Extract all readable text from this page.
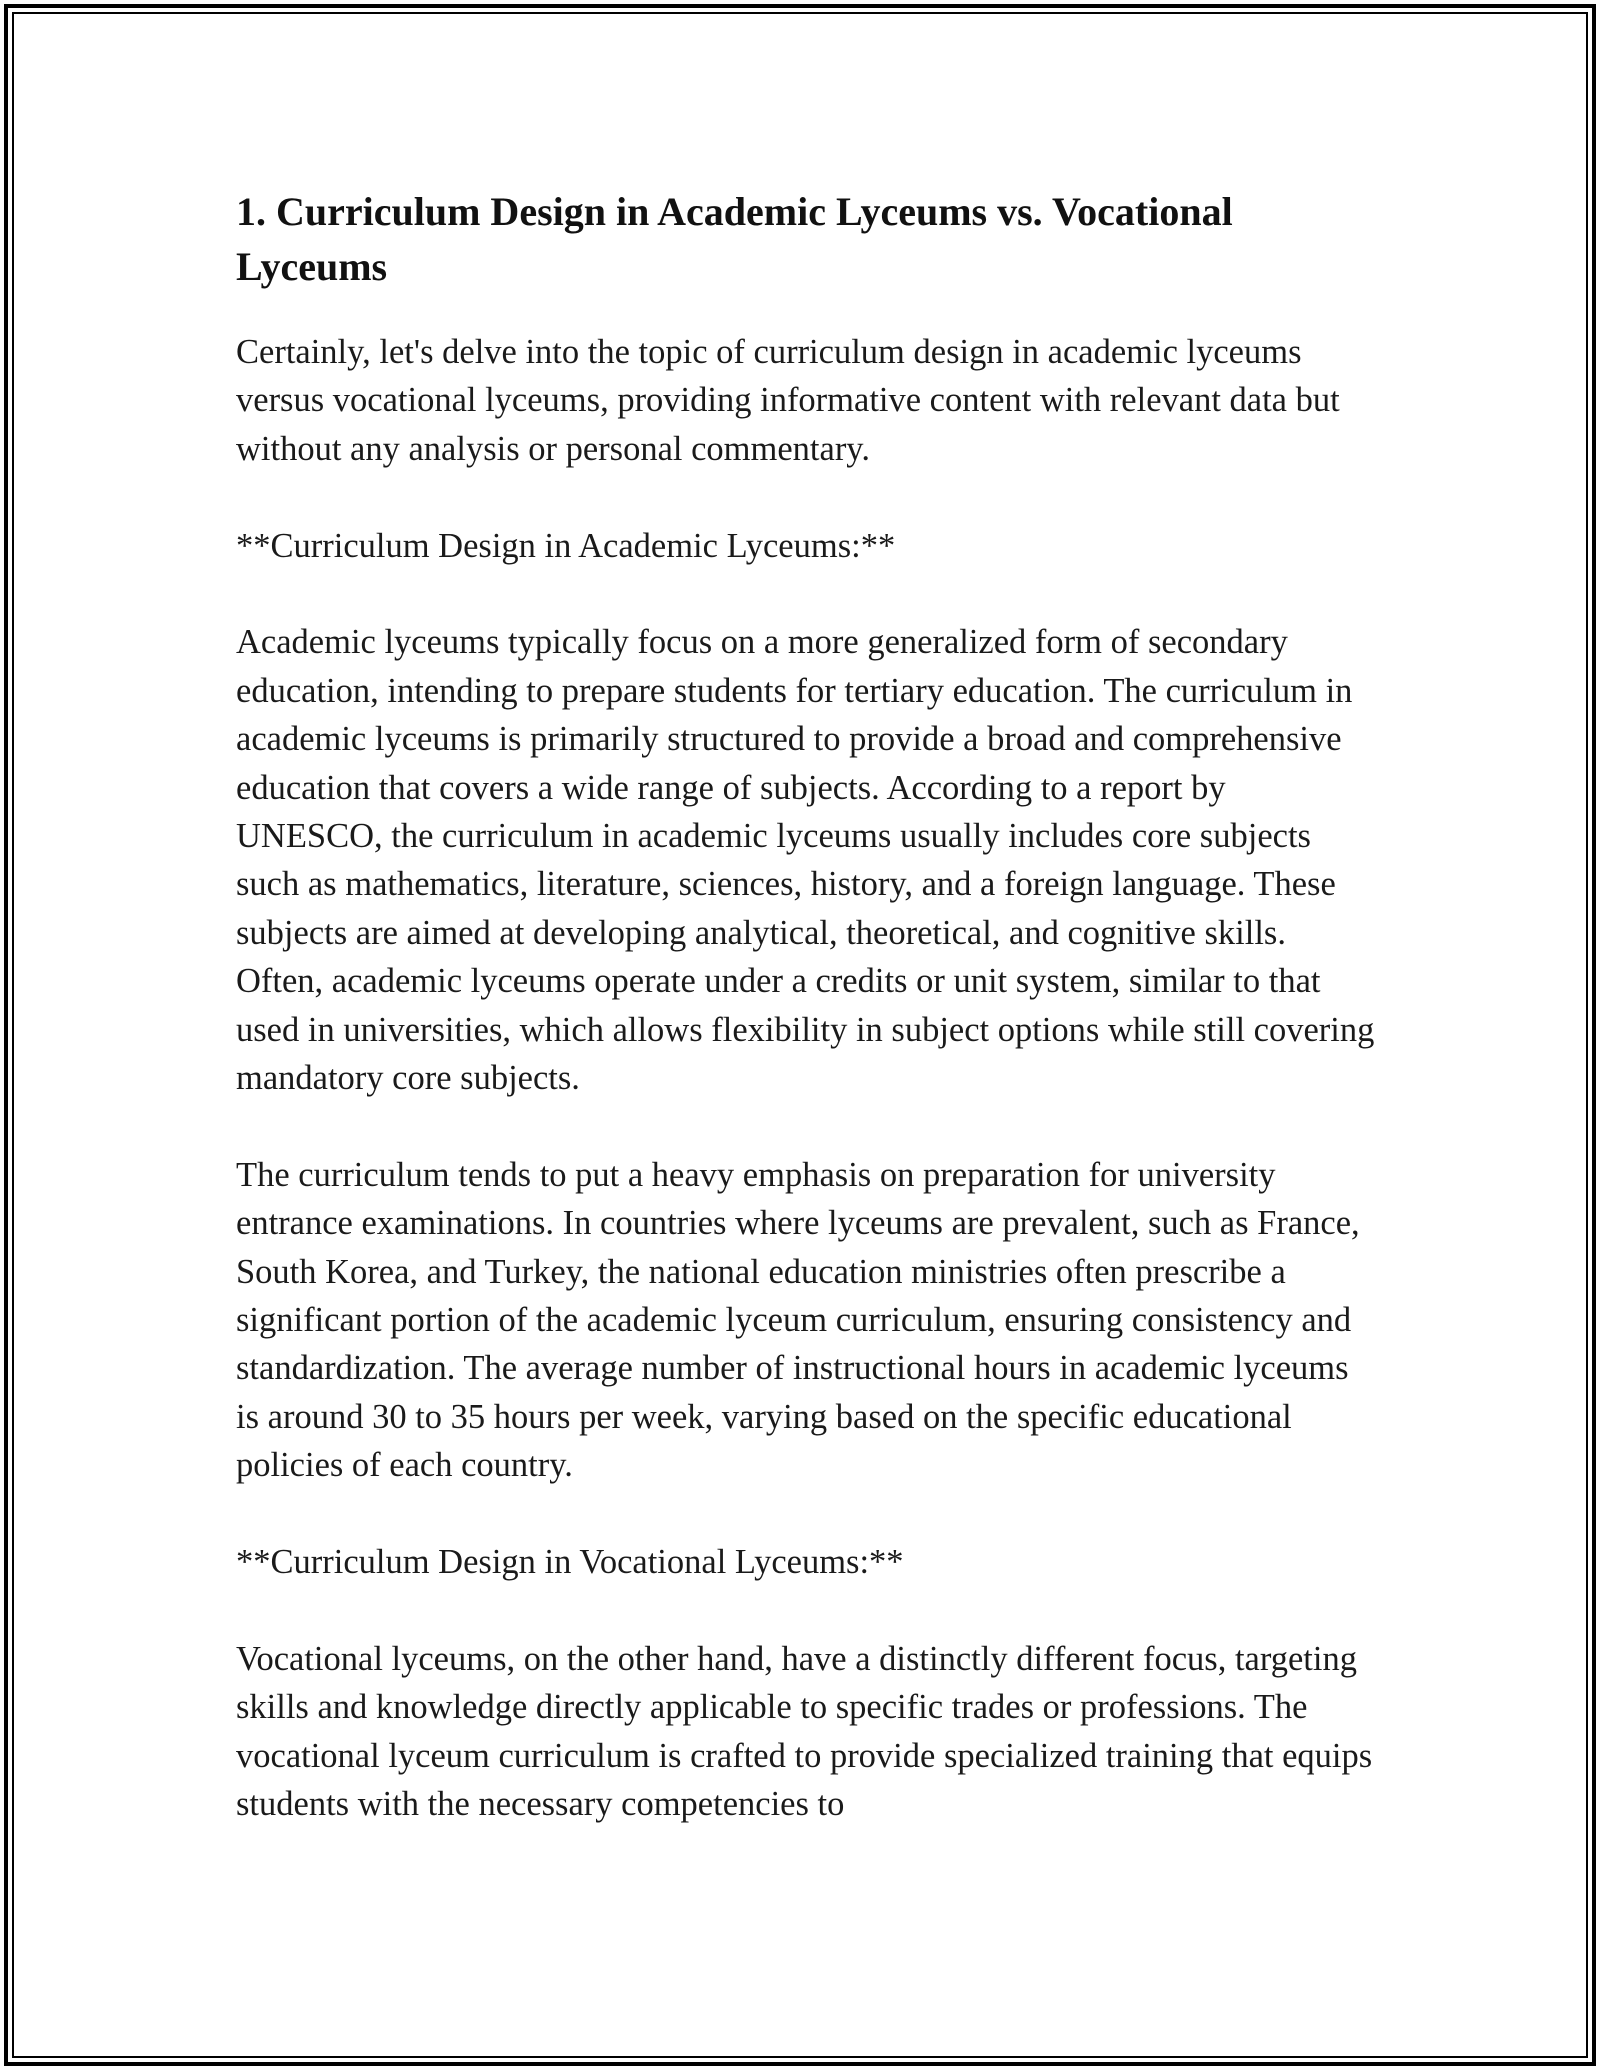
1. Curriculum Design in Academic Lyceums vs. Vocational Lyceums

Certainly, let's delve into the topic of curriculum design in academic lyceums versus vocational lyceums, providing informative content with relevant data but without any analysis or personal commentary.

**Curriculum Design in Academic Lyceums:**

Academic lyceums typically focus on a more generalized form of secondary education, intending to prepare students for tertiary education. The curriculum in academic lyceums is primarily structured to provide a broad and comprehensive education that covers a wide range of subjects. According to a report by UNESCO, the curriculum in academic lyceums usually includes core subjects such as mathematics, literature, sciences, history, and a foreign language. These subjects are aimed at developing analytical, theoretical, and cognitive skills. Often, academic lyceums operate under a credits or unit system, similar to that used in universities, which allows flexibility in subject options while still covering mandatory core subjects.

The curriculum tends to put a heavy emphasis on preparation for university entrance examinations. In countries where lyceums are prevalent, such as France, South Korea, and Turkey, the national education ministries often prescribe a significant portion of the academic lyceum curriculum, ensuring consistency and standardization. The average number of instructional hours in academic lyceums is around 30 to 35 hours per week, varying based on the specific educational policies of each country.

**Curriculum Design in Vocational Lyceums:**

Vocational lyceums, on the other hand, have a distinctly different focus, targeting skills and knowledge directly applicable to specific trades or professions. The vocational lyceum curriculum is crafted to provide specialized training that equips students with the necessary competencies to
